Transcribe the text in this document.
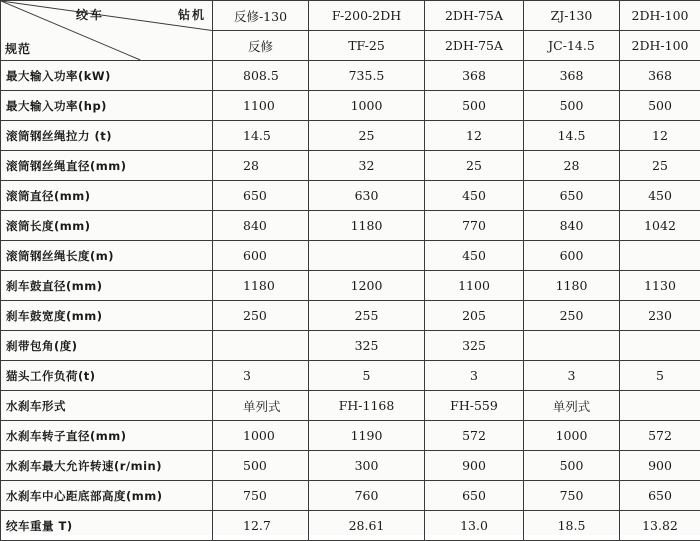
绞车 钻机
规范	反修-130	F-200-2DH	2DH-75A	ZJ-130	2DH-100
	反修	TF-25	2DH-75A	JC-14.5	2DH-100
最大输入功率(kW)	808.5	735.5	368	368	368
最大输入功率(hp)	1100	1000	500	500	500
滚筒钢丝绳拉力 (t)	14.5	25	12	14.5	12
滚筒钢丝绳直径(mm)	28	32	25	28	25
滚筒直径(mm)	650	630	450	650	450
滚筒长度(mm)	840	1180	770	840	1042
滚筒钢丝绳长度(m)	600		450	600	
刹车鼓直径(mm)	1180	1200	1100	1180	1130
刹车鼓宽度(mm)	250	255	205	250	230
刹带包角(度)		325	325		
猫头工作负荷(t)	3	5	3	3	5
水刹车形式	单列式	FH-1168	FH-559	单列式	
水刹车转子直径(mm)	1000	1190	572	1000	572
水刹车最大允许转速(r/min)	500	300	900	500	900
水刹车中心距底部高度(mm)	750	760	650	750	650
绞车重量 T)	12.7	28.61	13.0	18.5	13.82
